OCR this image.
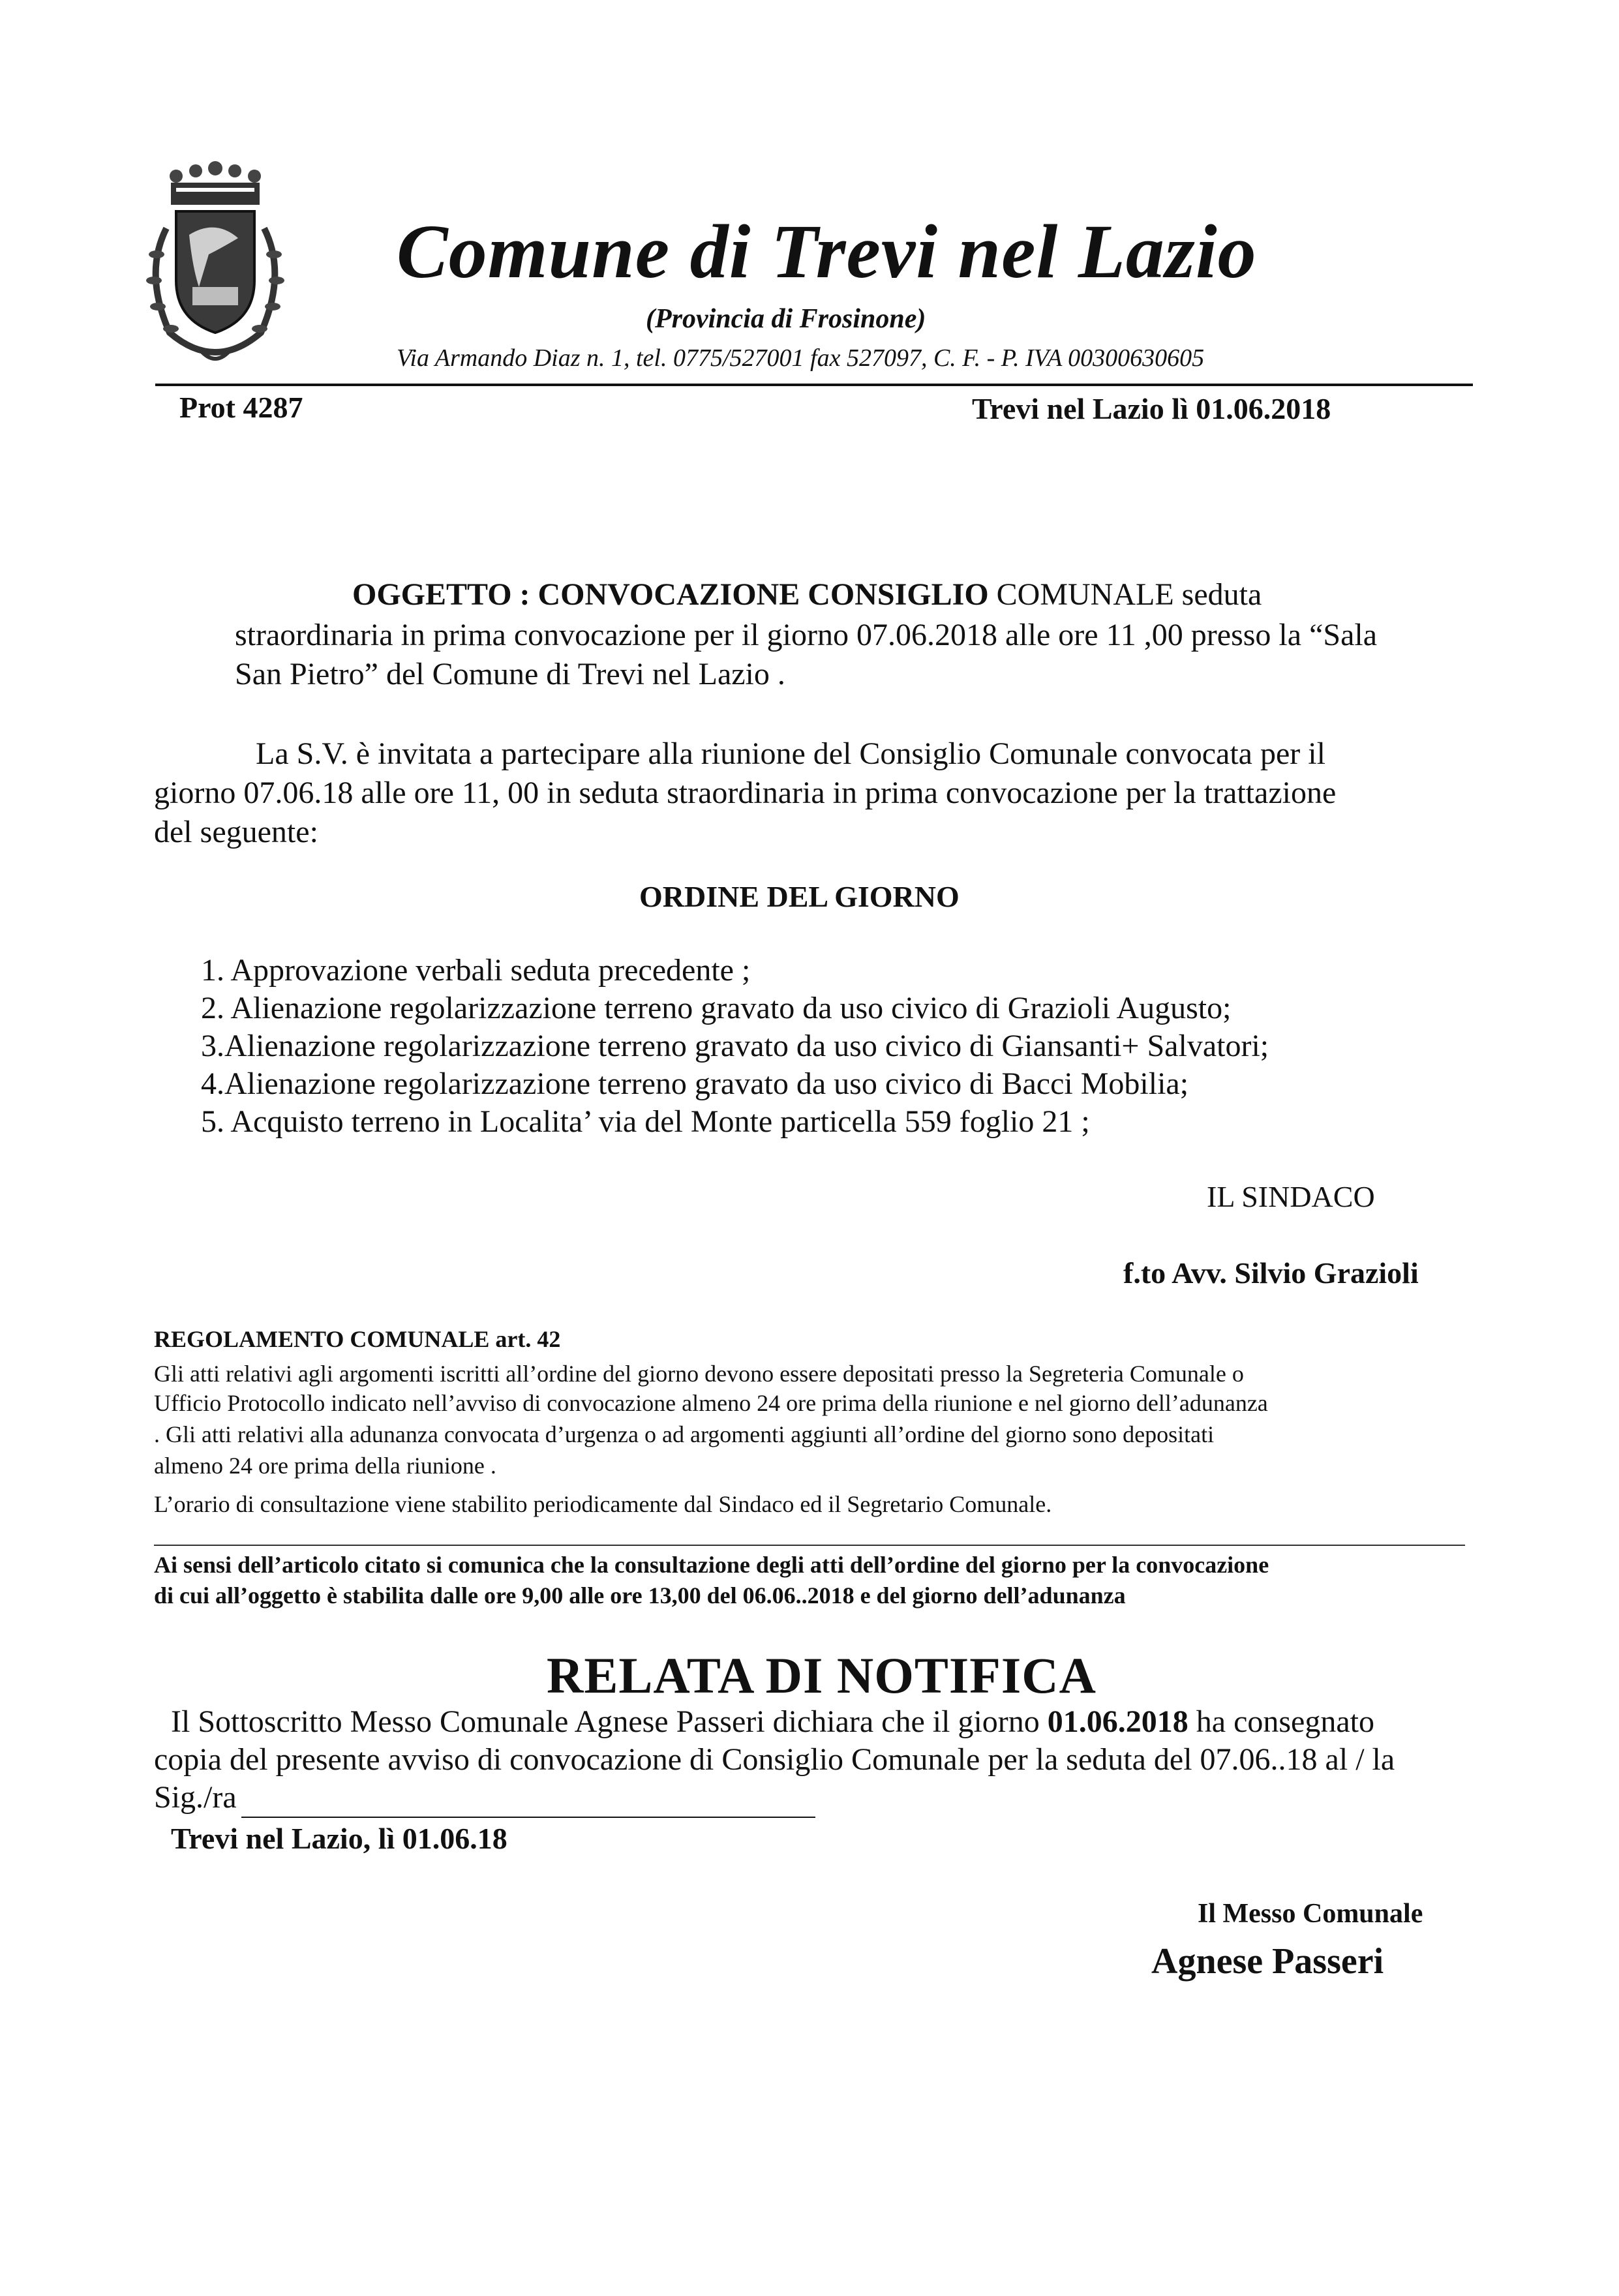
Comune di Trevi nel Lazio
(Provincia di Frosinone)
Via Armando Diaz n. 1, tel. 0775/527001 fax 527097, C. F. - P. IVA 00300630605
Prot 4287	Trevi nel Lazio lì 01.06.2018
OGGETTO : CONVOCAZIONE CONSIGLIO COMUNALE seduta
straordinaria in prima convocazione per il giorno 07.06.2018 alle ore 11 ,00 presso la “Sala
San Pietro” del Comune di Trevi nel Lazio .
La S.V. è invitata a partecipare alla riunione del Consiglio Comunale convocata per il
giorno 07.06.18 alle ore 11, 00 in seduta straordinaria in prima convocazione per la trattazione
del seguente:
ORDINE DEL GIORNO
1. Approvazione verbali seduta precedente ;
2. Alienazione regolarizzazione terreno gravato da uso civico di Grazioli Augusto;
3.Alienazione regolarizzazione terreno gravato da uso civico di Giansanti+ Salvatori;
4.Alienazione regolarizzazione terreno gravato da uso civico di Bacci Mobilia;
5. Acquisto terreno in Localita’ via del Monte particella 559 foglio 21 ;
IL SINDACO
f.to Avv. Silvio Grazioli
REGOLAMENTO COMUNALE art. 42
Gli atti relativi agli argomenti iscritti all’ordine del giorno devono essere depositati presso la Segreteria Comunale o
Ufficio Protocollo indicato nell’avviso di convocazione almeno 24 ore prima della riunione e nel giorno dell’adunanza
. Gli atti relativi alla adunanza convocata d’urgenza o ad argomenti aggiunti all’ordine del giorno sono depositati
almeno 24 ore prima della riunione .
L’orario di consultazione viene stabilito periodicamente dal Sindaco ed il Segretario Comunale.
Ai sensi dell’articolo citato si comunica che la consultazione degli atti dell’ordine del giorno per la convocazione
di cui all’oggetto è stabilita dalle ore 9,00 alle ore 13,00 del 06.06..2018 e del giorno dell’adunanza
RELATA DI NOTIFICA
Il Sottoscritto Messo Comunale Agnese Passeri dichiara che il giorno 01.06.2018 ha consegnato
copia del presente avviso di convocazione di Consiglio Comunale per la seduta del 07.06..18 al / la
Sig./ra
Trevi nel Lazio, lì 01.06.18
Il Messo Comunale
Agnese Passeri
